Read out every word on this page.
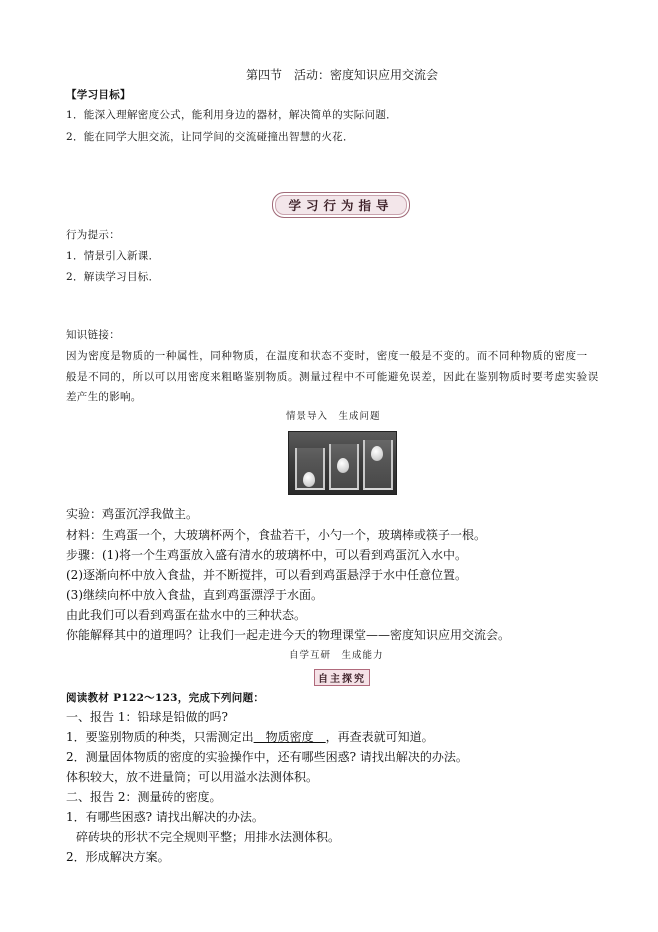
第四节　活动：密度知识应用交流会
【学习目标】
1．能深入理解密度公式，能利用身边的器材，解决简单的实际问题．
2．能在同学大胆交流，让同学间的交流碰撞出智慧的火花．
学习行为指导
行为提示：
1．情景引入新课．
2．解读学习目标．
知识链接：
因为密度是物质的一种属性，同种物质，在温度和状态不变时，密度一般是不变的。而不同种物质的密度一
般是不同的，所以可以用密度来粗略鉴别物质。测量过程中不可能避免误差，因此在鉴别物质时要考虑实验误
差产生的影响。
情景导入　生成问题
实验：鸡蛋沉浮我做主。
材料：生鸡蛋一个，大玻璃杯两个，食盐若干，小勺一个，玻璃棒或筷子一根。
步骤：(1)将一个生鸡蛋放入盛有清水的玻璃杯中，可以看到鸡蛋沉入水中。
(2)逐渐向杯中放入食盐，并不断搅拌，可以看到鸡蛋悬浮于水中任意位置。
(3)继续向杯中放入食盐，直到鸡蛋漂浮于水面。
由此我们可以看到鸡蛋在盐水中的三种状态。
你能解释其中的道理吗？让我们一起走进今天的物理课堂——密度知识应用交流会。
自学互研　生成能力
自主探究
阅读教材 P122～123，完成下列问题：
一、报告 1：铅球是铅做的吗?
1．要鉴别物质的种类，只需测定出＿物质密度＿，再查表就可知道。
2．测量固体物质的密度的实验操作中，还有哪些困惑? 请找出解决的办法。
体积较大，放不进量筒；可以用溢水法测体积。
二、报告 2：测量砖的密度。
1．有哪些困惑? 请找出解决的办法。
碎砖块的形状不完全规则平整；用排水法测体积。
2．形成解决方案。
